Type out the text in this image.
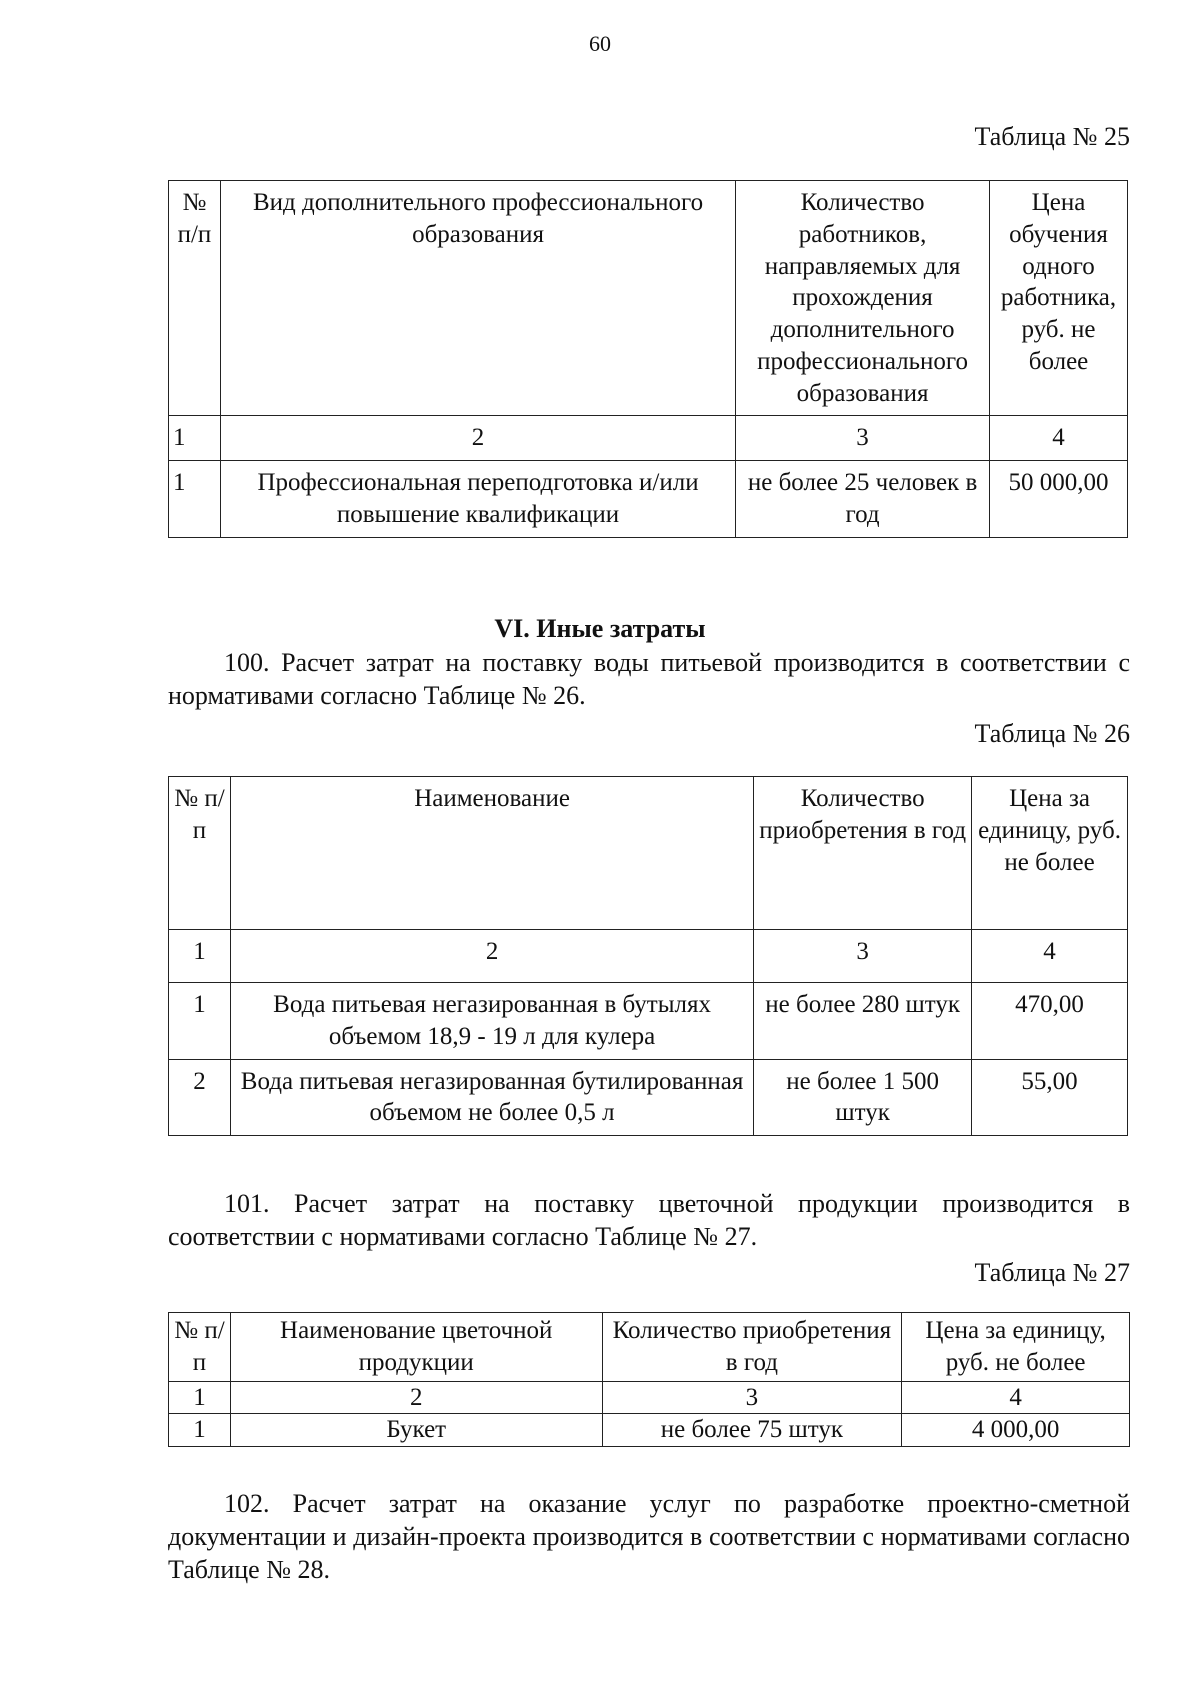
60
Таблица № 25
№ п/п	Вид дополнительного профессионального образования	Количество работников, направляемых для прохождения дополнительного профессионального образования	Цена обучения одного работника, руб. не более
1	2	3	4
1	Профессиональная переподготовка и/или повышение квалификации	не более 25 человек в год	50 000,00
VI. Иные затраты

100. Расчет затрат на поставку воды питьевой производится в соответствии с нормативами согласно Таблице № 26.

Таблица № 26
№ п/п	Наименование	Количество приобретения в год	Цена за единицу, руб. не более
1	2	3	4
1	Вода питьевая негазированная в бутылях объемом 18,9 - 19 л для кулера	не более 280 штук	470,00
2	Вода питьевая негазированная бутилированная объемом не более 0,5 л	не более 1 500 штук	55,00

101. Расчет затрат на поставку цветочной продукции производится в соответствии с нормативами согласно Таблице № 27.

Таблица № 27
№ п/п	Наименование цветочной продукции	Количество приобретения в год	Цена за единицу, руб. не более
1	2	3	4
1	Букет	не более 75 штук	4 000,00

102. Расчет затрат на оказание услуг по разработке проектно-сметной документации и дизайн-проекта производится в соответствии с нормативами согласно Таблице № 28.
